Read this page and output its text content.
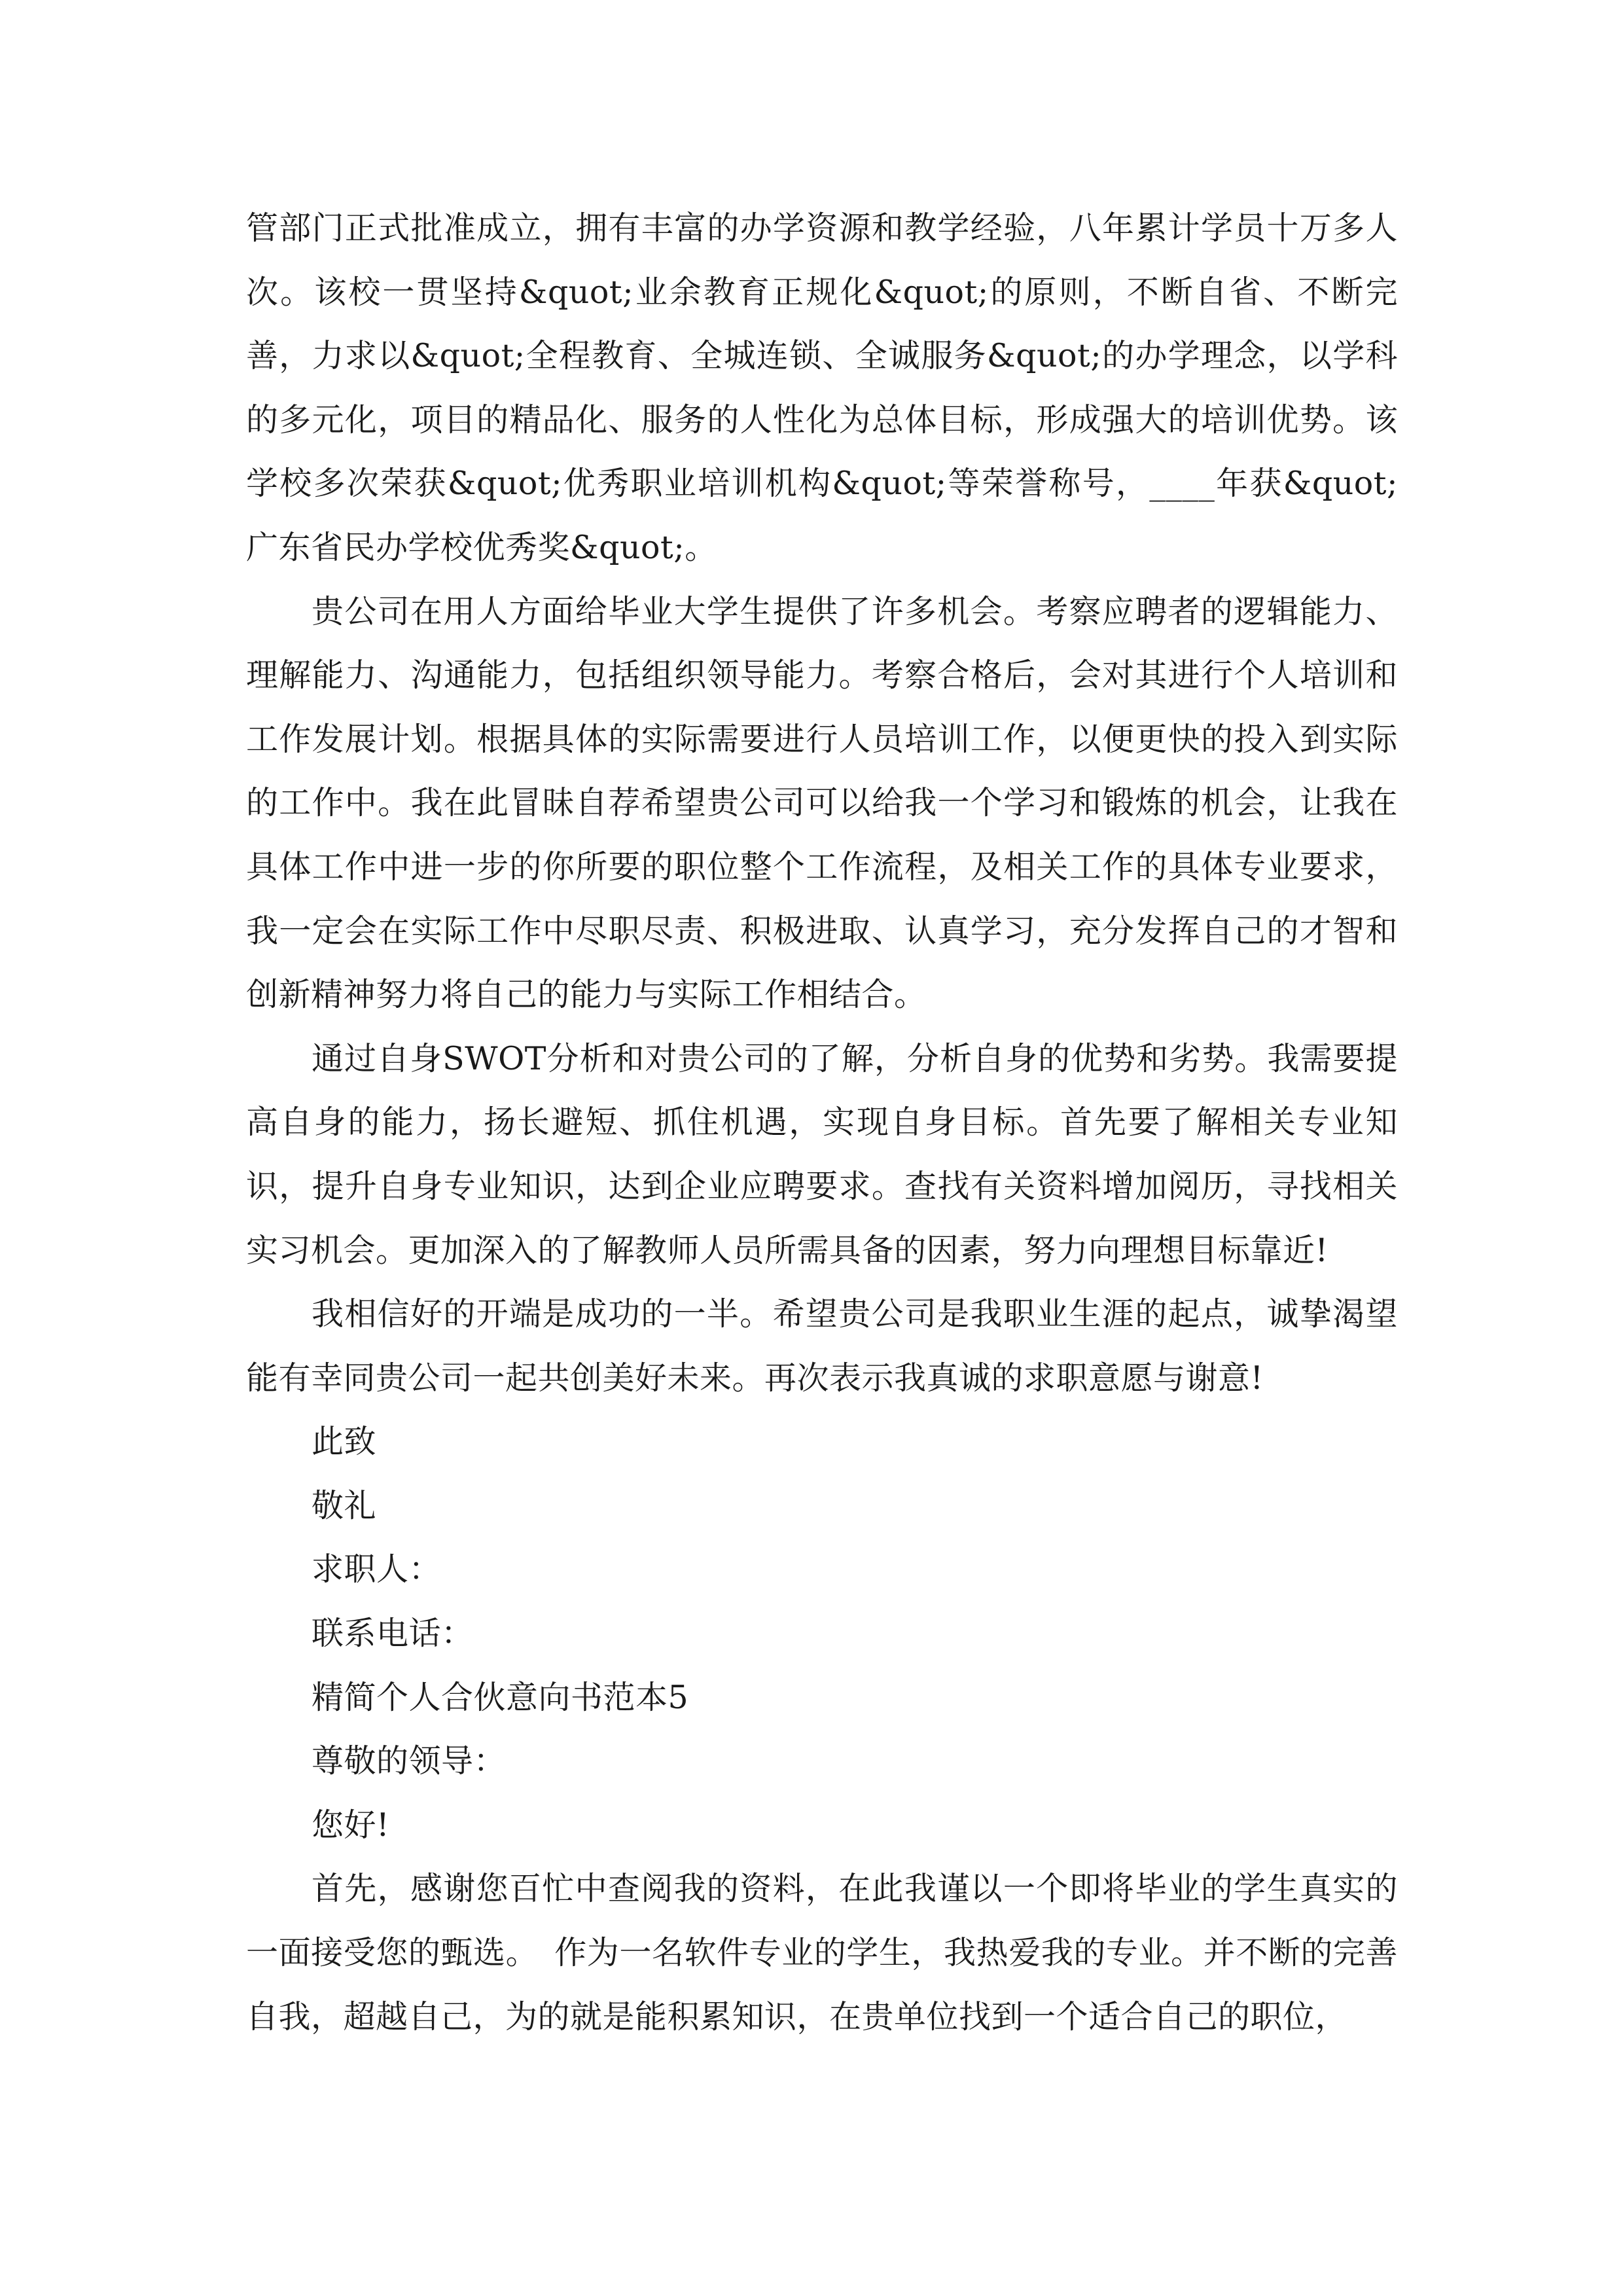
管部门正式批准成立，拥有丰富的办学资源和教学经验，八年累计学员十万多人次。该校一贯坚持&quot;业余教育正规化&quot;的原则，不断自省、不断完善，力求以&quot;全程教育、全城连锁、全诚服务&quot;的办学理念，以学科的多元化，项目的精品化、服务的人性化为总体目标，形成强大的培训优势。该学校多次荣获&quot;优秀职业培训机构&quot;等荣誉称号，____年获&quot;广东省民办学校优秀奖&quot;。

贵公司在用人方面给毕业大学生提供了许多机会。考察应聘者的逻辑能力、理解能力、沟通能力，包括组织领导能力。考察合格后，会对其进行个人培训和工作发展计划。根据具体的实际需要进行人员培训工作，以便更快的投入到实际的工作中。我在此冒昧自荐希望贵公司可以给我一个学习和锻炼的机会，让我在具体工作中进一步的你所要的职位整个工作流程，及相关工作的具体专业要求，我一定会在实际工作中尽职尽责、积极进取、认真学习，充分发挥自己的才智和创新精神努力将自己的能力与实际工作相结合。

通过自身SWOT分析和对贵公司的了解，分析自身的优势和劣势。我需要提高自身的能力，扬长避短、抓住机遇，实现自身目标。首先要了解相关专业知识，提升自身专业知识，达到企业应聘要求。查找有关资料增加阅历，寻找相关实习机会。更加深入的了解教师人员所需具备的因素，努力向理想目标靠近!

我相信好的开端是成功的一半。希望贵公司是我职业生涯的起点，诚挚渴望能有幸同贵公司一起共创美好未来。再次表示我真诚的求职意愿与谢意!

此致

敬礼

求职人：

联系电话：

精简个人合伙意向书范本5

尊敬的领导：

您好!

首先，感谢您百忙中查阅我的资料，在此我谨以一个即将毕业的学生真实的一面接受您的甄选。　作为一名软件专业的学生，我热爱我的专业。并不断的完善自我，超越自己，为的就是能积累知识，在贵单位找到一个适合自己的职位，
